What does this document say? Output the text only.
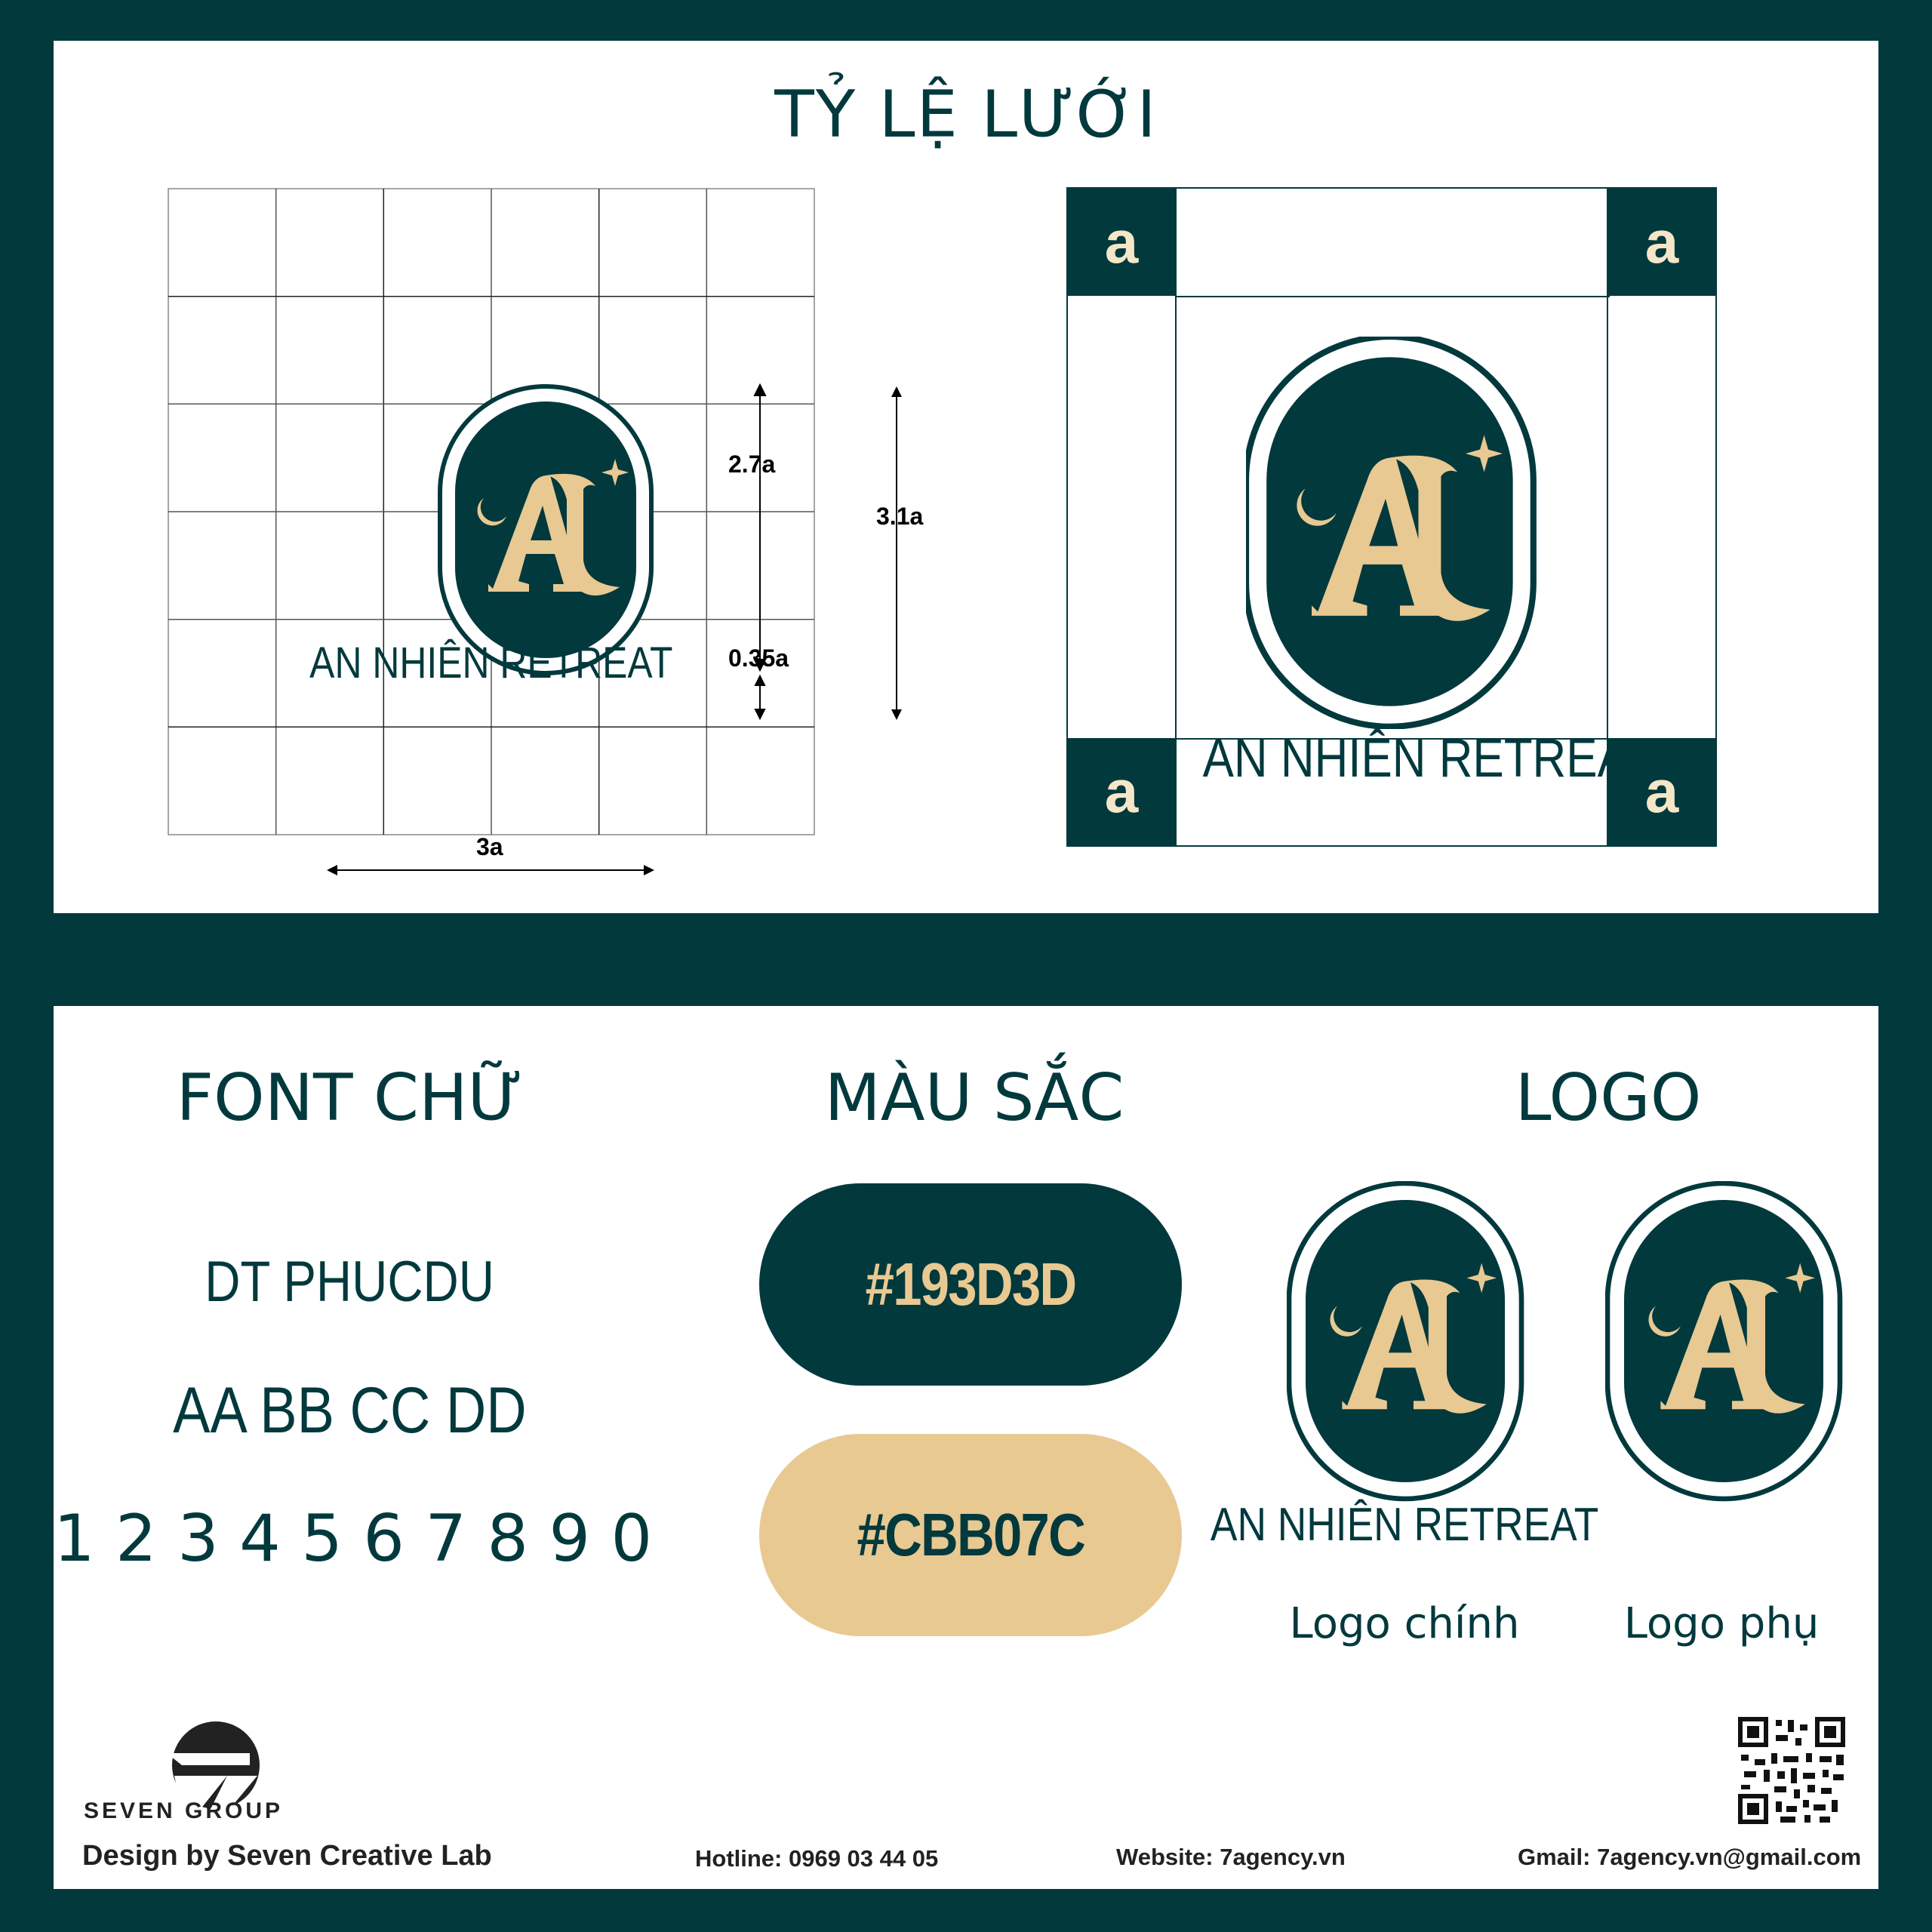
TỶ LỆ LƯỚI
2.7a
3.1a
0.35a
3a
AN NHIÊN RETREAT
a	a
a	a
AN NHIÊN RETREAT
FONT CHỮ
DT PHUCDU
AA BB CC DD
1 2 3 4 5 6 7 8 9 0
MÀU SẮC
#193D3D
#CBB07C
LOGO
AN NHIÊN RETREAT
Logo chính	Logo phụ
SEVEN GROUP
Design by Seven Creative Lab	Hotline: 0969 03 44 05	Website: 7agency.vn	Gmail: 7agency.vn@gmail.com
